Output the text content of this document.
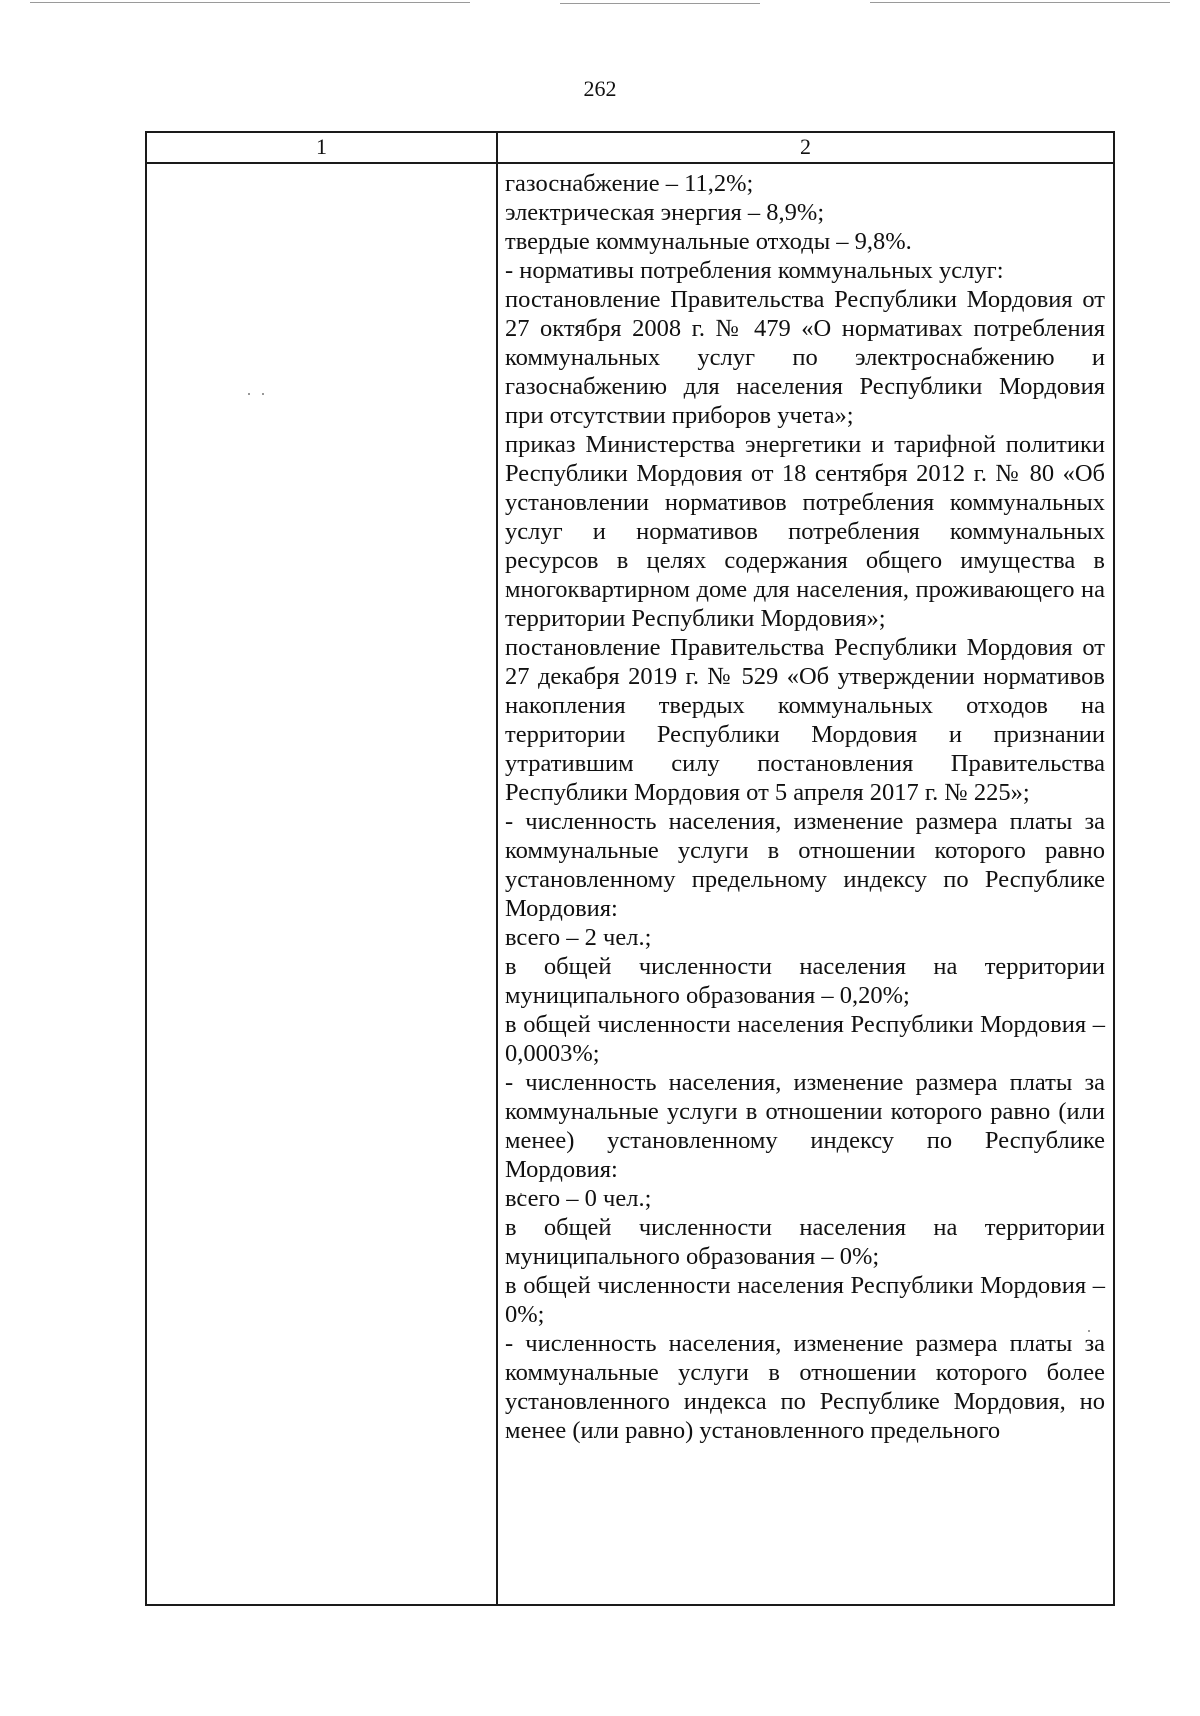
262
1	2

газоснабжение – 11,2%;

электрическая энергия – 8,9%;

твердые коммунальные отходы – 9,8%.

- нормативы потребления коммунальных услуг:

постановление Правительства Республики Мордовия от 27 октября 2008 г. № 479 «О нормативах потребления коммунальных услуг по электроснабжению и газоснабжению для населения Республики Мордовия при отсутствии приборов учета»;

приказ Министерства энергетики и тарифной политики Республики Мордовия от 18 сентября 2012 г. № 80 «Об установлении нормативов потребления коммунальных услуг и нормативов потребления коммунальных ресурсов в целях содержания общего имущества в многоквартирном доме для населения, проживающего на территории Республики Мордовия»;

постановление Правительства Республики Мордовия от 27 декабря 2019 г. № 529 «Об утверждении нормативов накопления твердых коммунальных отходов на территории Республики Мордовия и признании утратившим силу постановления Правительства Республики Мордовия от 5 апреля 2017 г. № 225»;

- численность населения, изменение размера платы за коммунальные услуги в отношении которого равно установленному предельному индексу по Республике Мордовия:

всего – 2 чел.;

в общей численности населения на территории муниципального образования – 0,20%;

в общей численности населения Республики Мордовия – 0,0003%;

- численность населения, изменение размера платы за коммунальные услуги в отношении которого равно (или менее) установленному индексу по Республике Мордовия:

всего – 0 чел.;

в общей численности населения на территории муниципального образования – 0%;

в общей численности населения Республики Мордовия – 0%;

- численность населения, изменение размера платы за коммунальные услуги в отношении которого более установленного индекса по Республике Мордовия, но менее (или равно) установленного предельного
